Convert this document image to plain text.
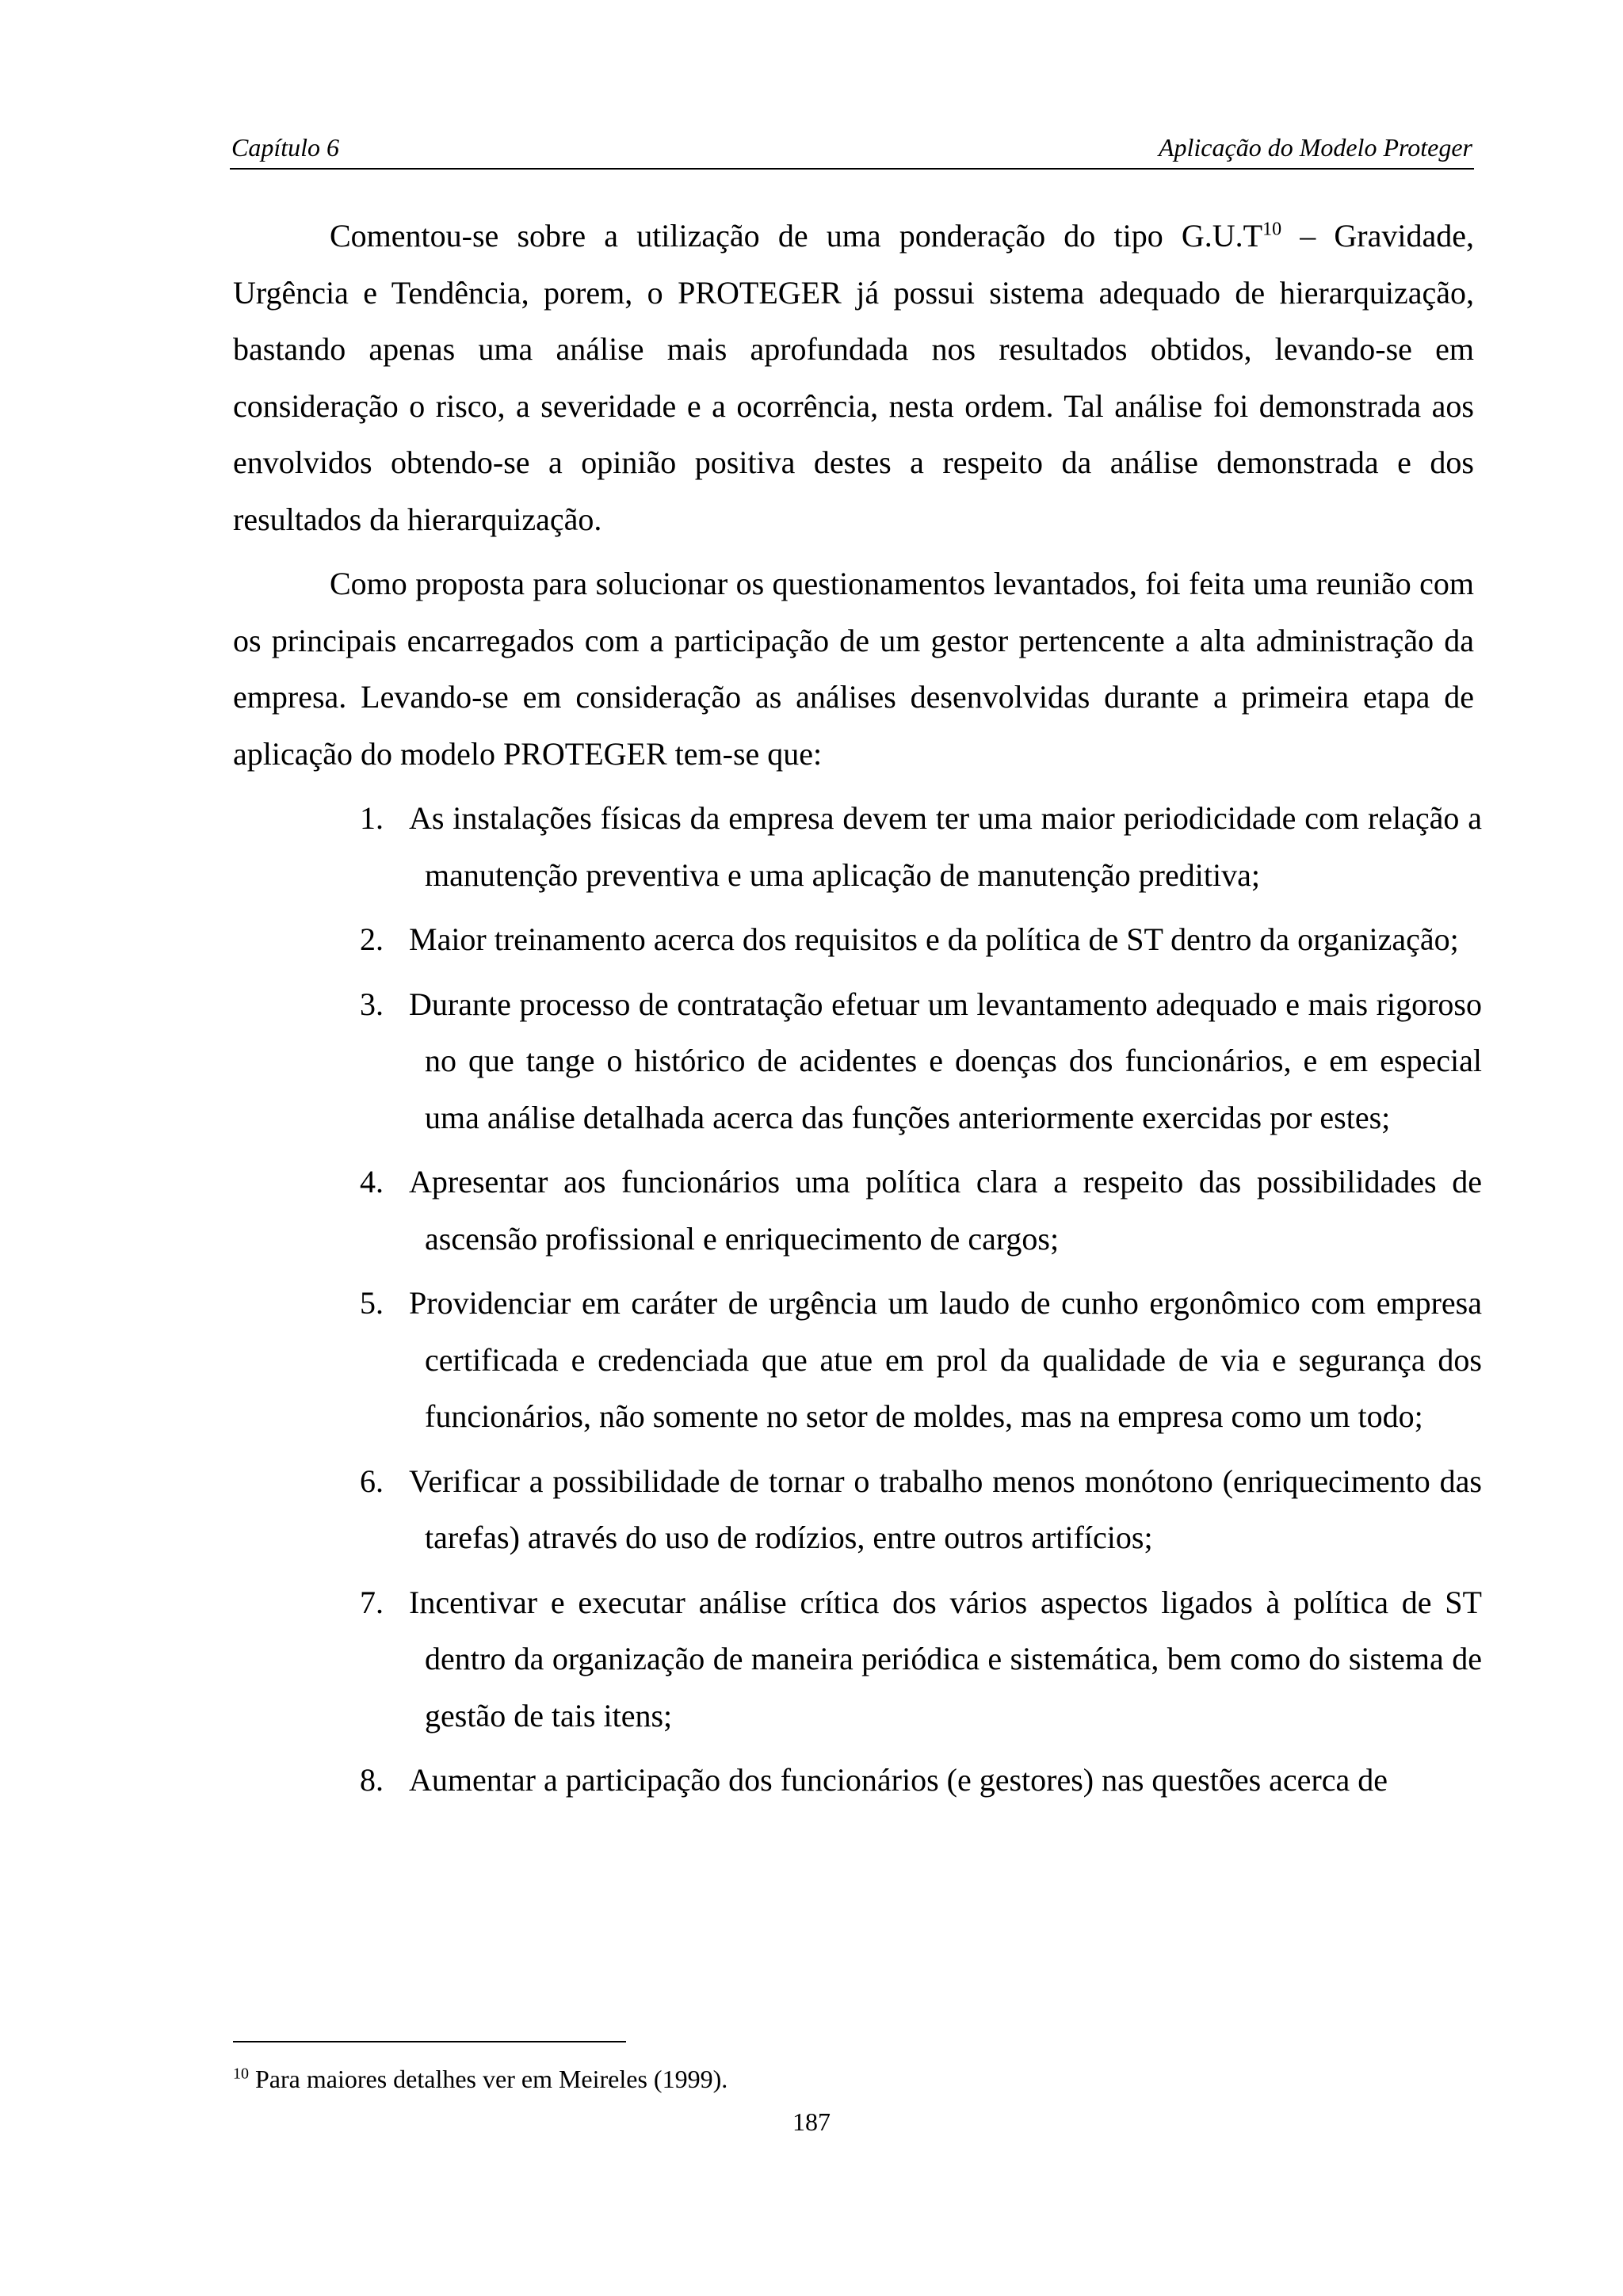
Capítulo 6	Aplicação do Modelo Proteger

Comentou-se sobre a utilização de uma ponderação do tipo $G.U.T^{10}$ – Gravidade, Urgência e Tendência, porem, o PROTEGER já possui sistema adequado de hierarquização, bastando apenas uma análise mais aprofundada nos resultados obtidos, levando-se em consideração o risco, a severidade e a ocorrência, nesta ordem. Tal análise foi demonstrada aos envolvidos obtendo-se a opinião positiva destes a respeito da análise demonstrada e dos resultados da hierarquização.

Como proposta para solucionar os questionamentos levantados, foi feita uma reunião com os principais encarregados com a participação de um gestor pertencente a alta administração da empresa. Levando-se em consideração as análises desenvolvidas durante a primeira etapa de aplicação do modelo PROTEGER tem-se que:

1. As instalações físicas da empresa devem ter uma maior periodicidade com relação a manutenção preventiva e uma aplicação de manutenção preditiva;
2. Maior treinamento acerca dos requisitos e da política de ST dentro da organização;
3. Durante processo de contratação efetuar um levantamento adequado e mais rigoroso no que tange o histórico de acidentes e doenças dos funcionários, e em especial uma análise detalhada acerca das funções anteriormente exercidas por estes;
4. Apresentar aos funcionários uma política clara a respeito das possibilidades de ascensão profissional e enriquecimento de cargos;
5. Providenciar em caráter de urgência um laudo de cunho ergonômico com empresa certificada e credenciada que atue em prol da qualidade de via e segurança dos funcionários, não somente no setor de moldes, mas na empresa como um todo;
6. Verificar a possibilidade de tornar o trabalho menos monótono (enriquecimento das tarefas) através do uso de rodízios, entre outros artifícios;
7. Incentivar e executar análise crítica dos vários aspectos ligados à política de ST dentro da organização de maneira periódica e sistemática, bem como do sistema de gestão de tais itens;
8. Aumentar a participação dos funcionários (e gestores) nas questões acerca de
$^{10}$ Para maiores detalhes ver em Meireles (1999).
187
